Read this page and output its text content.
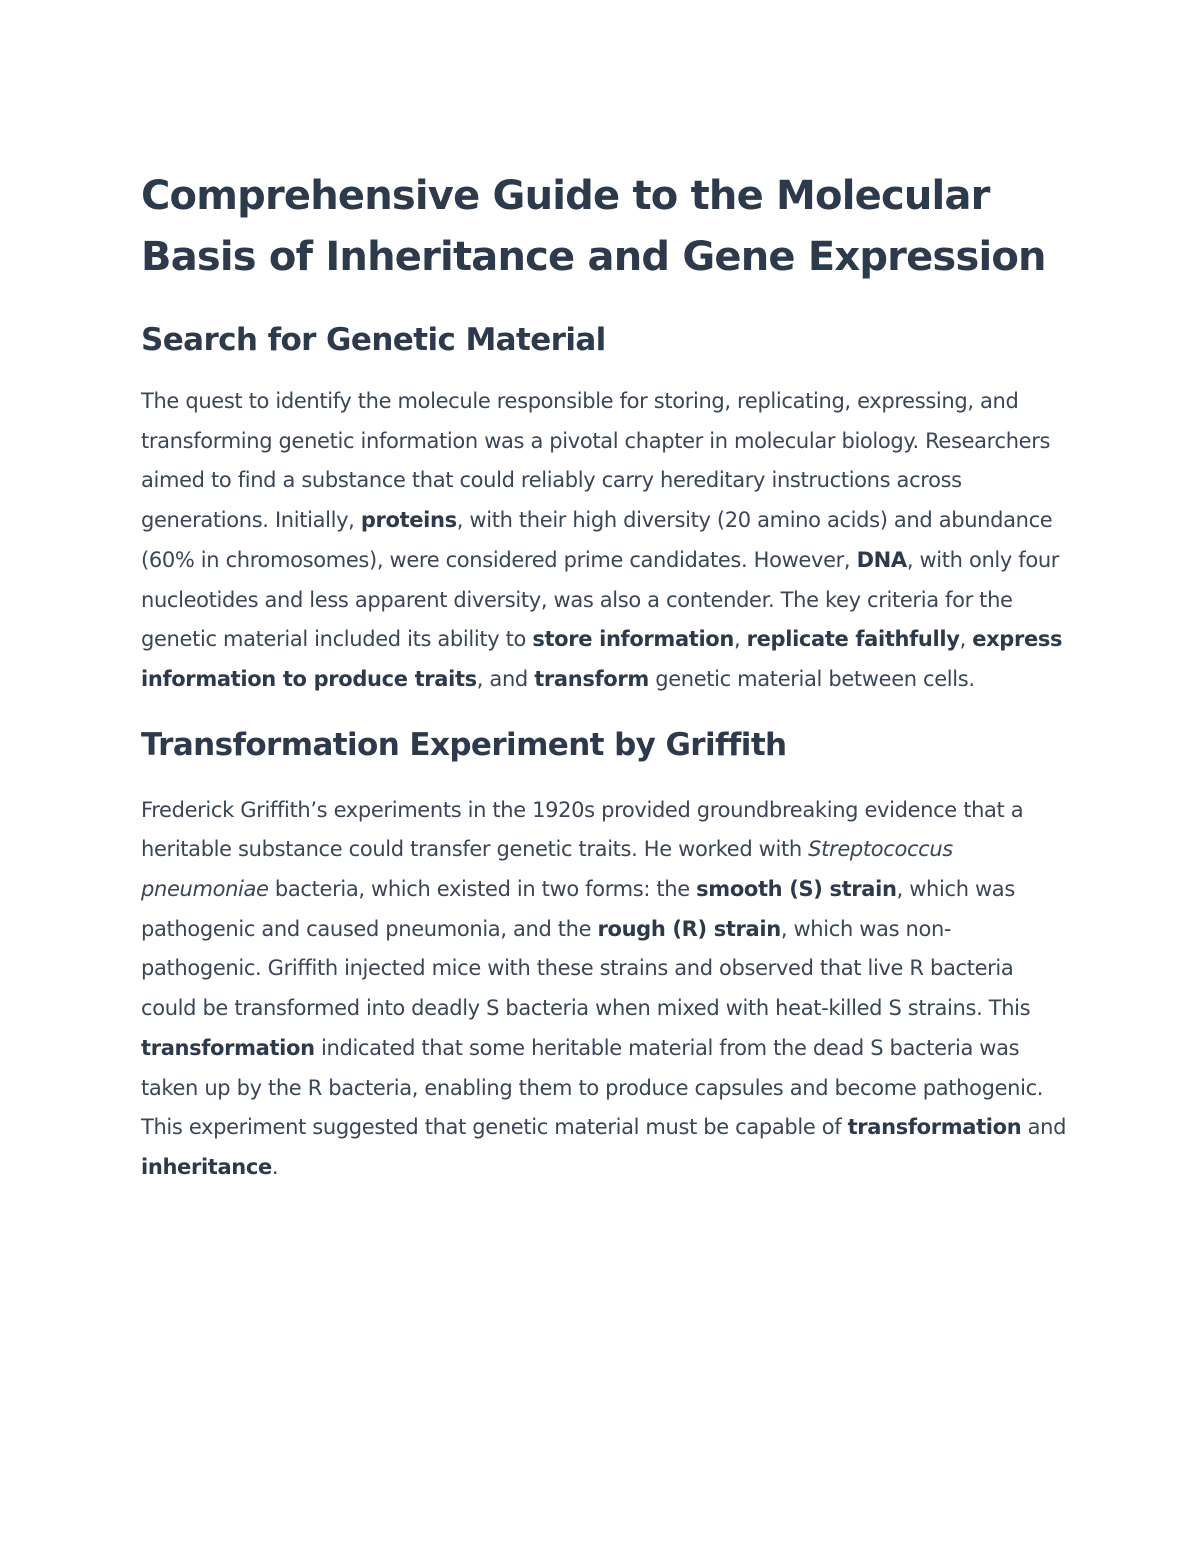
Comprehensive Guide to the Molecular Basis of Inheritance and Gene Expression
Search for Genetic Material

The quest to identify the molecule responsible for storing, replicating, expressing, and transforming genetic information was a pivotal chapter in molecular biology. Researchers aimed to find a substance that could reliably carry hereditary instructions across generations. Initially, proteins, with their high diversity (20 amino acids) and abundance (60% in chromosomes), were considered prime candidates. However, DNA, with only four nucleotides and less apparent diversity, was also a contender. The key criteria for the genetic material included its ability to store information, replicate faithfully, express information to produce traits, and transform genetic material between cells.

Transformation Experiment by Griffith

Frederick Griffith’s experiments in the 1920s provided groundbreaking evidence that a heritable substance could transfer genetic traits. He worked with Streptococcus pneumoniae bacteria, which existed in two forms: the smooth (S) strain, which was pathogenic and caused pneumonia, and the rough (R) strain, which was non-pathogenic. Griffith injected mice with these strains and observed that live R bacteria could be transformed into deadly S bacteria when mixed with heat-killed S strains. This transformation indicated that some heritable material from the dead S bacteria was taken up by the R bacteria, enabling them to produce capsules and become pathogenic. This experiment suggested that genetic material must be capable of transformation and inheritance.
